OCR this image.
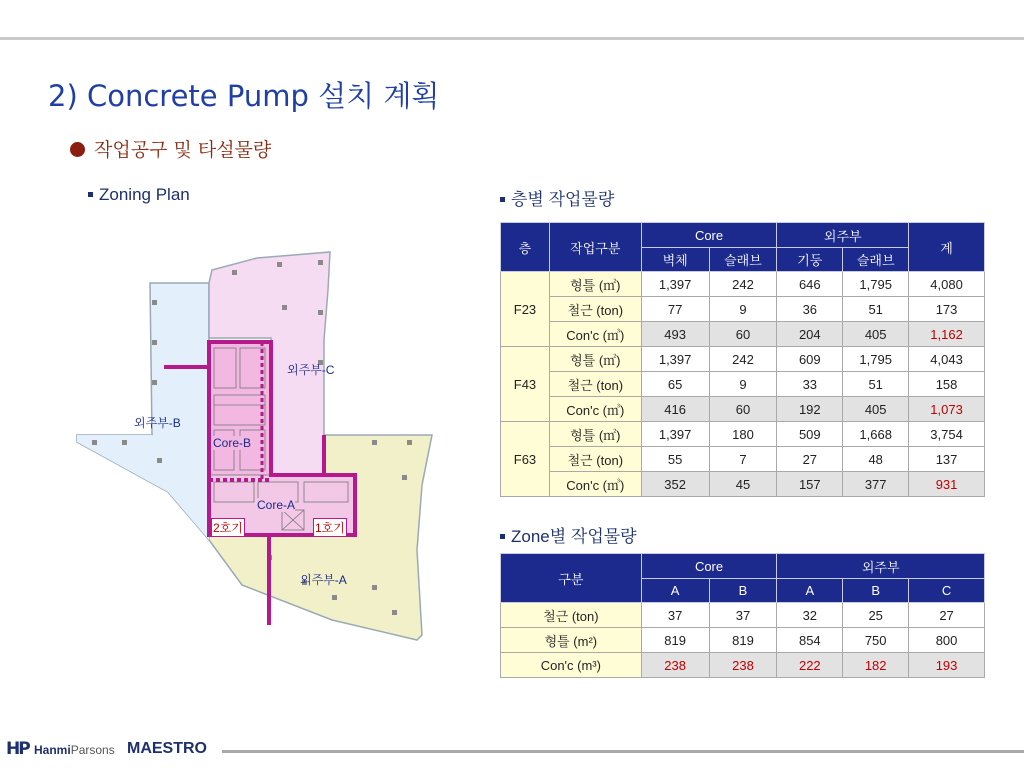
2) Concrete Pump 설치 계획
작업공구 및 타설물량
Zoning Plan
외주부-C
외주부-B
외주부-A
Core-B
Core-A
2호기	1호기
층별 작업물량
층	작업구분	Core		외주부		계
		벽체	슬래브	기둥	슬래브	
F23	형틀 (㎡)	1,397	242	646	1,795	4,080
	철근 (ton)	77	9	36	51	173
	Con'c (㎥)	493	60	204	405	1,162
F43	형틀 (㎡)	1,397	242	609	1,795	4,043
	철근 (ton)	65	9	33	51	158
	Con'c (㎥)	416	60	192	405	1,073
F63	형틀 (㎡)	1,397	180	509	1,668	3,754
	철근 (ton)	55	7	27	48	137
	Con'c (㎥)	352	45	157	377	931
Zone별 작업물량
구분	Core		외주부		
	A	B	A	B	C
철근 (ton)	37	37	32	25	27
형틀 (m²)	819	819	854	750	800
Con'c (m³)	238	238	222	182	193
HP HanmiParsons MAESTRO
